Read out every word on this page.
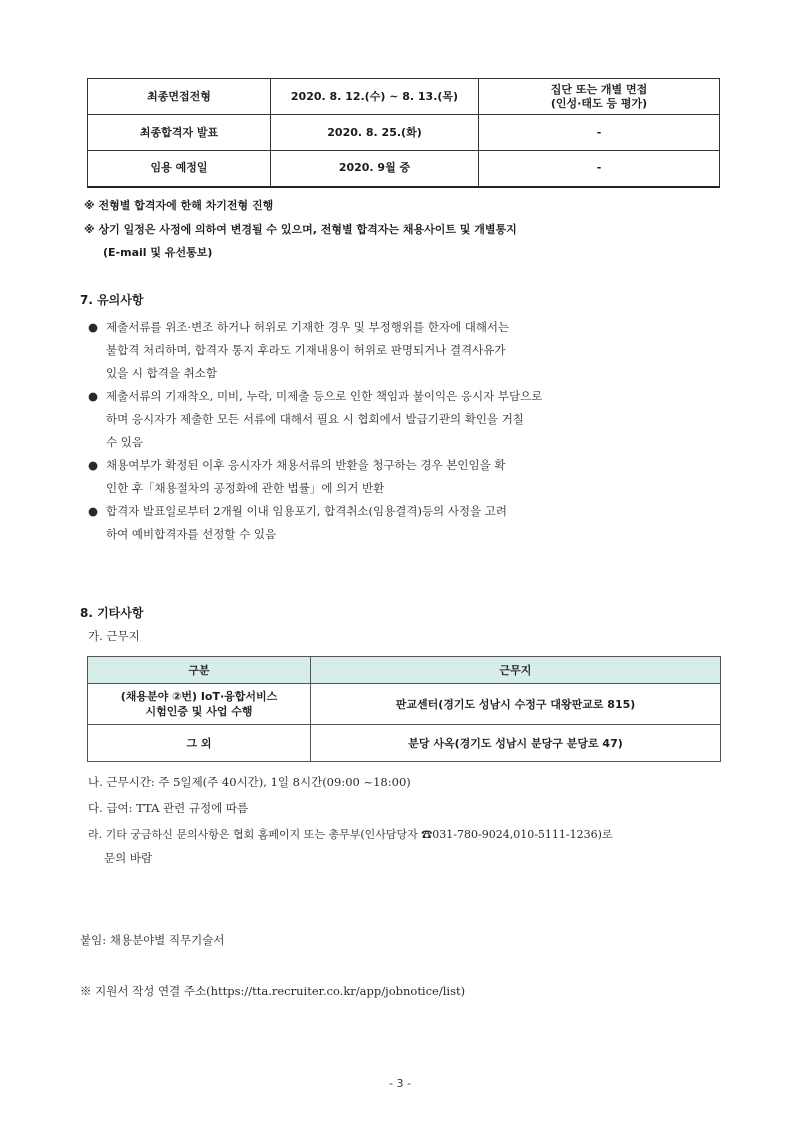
최종면접전형	2020. 8. 12.(수) ~ 8. 13.(목)	집단 또는 개별 면접
(인성·태도 등 평가)

최종합격자 발표	2020. 8. 25.(화)	-
임용 예정일	2020. 9월 중	-
※ 전형별 합격자에 한해 차기전형 진행
※ 상기 일정은 사정에 의하여 변경될 수 있으며, 전형별 합격자는 채용사이트 및 개별통지
(E-mail 및 유선통보)
7. 유의사항
● 제출서류를 위조·변조 하거나 허위로 기재한 경우 및 부정행위를 한자에 대해서는
불합격 처리하며, 합격자 통지 후라도 기재내용이 허위로 판명되거나 결격사유가
있을 시 합격을 취소함
● 제출서류의 기재착오, 미비, 누락, 미제출 등으로 인한 책임과 불이익은 응시자 부담으로
하며 응시자가 제출한 모든 서류에 대해서 필요 시 협회에서 발급기관의 확인을 거칠
수 있음
● 채용여부가 확정된 이후 응시자가 채용서류의 반환을 청구하는 경우 본인임을 확
인한 후「채용절차의 공정화에 관한 법률」에 의거 반환
● 합격자 발표일로부터 2개월 이내 임용포기, 합격취소(임용결격)등의 사정을 고려
하여 예비합격자를 선정할 수 있음
8. 기타사항
가. 근무지
구분	근무지

(채용분야 ②번) IoT·융합서비스
시험인증 및 사업 수행	판교센터(경기도 성남시 수정구 대왕판교로 815)
그 외	분당 사옥(경기도 성남시 분당구 분당로 47)
나. 근무시간: 주 5일제(주 40시간), 1일 8시간(09:00 ~18:00)
다. 급여: TTA 관련 규정에 따름
라. 기타 궁금하신 문의사항은 협회 홈페이지 또는 총무부(인사담당자 ☎031-780-9024,010-5111-1236)로
문의 바람
붙임: 채용분야별 직무기술서
※ 지원서 작성 연결 주소(https://tta.recruiter.co.kr/app/jobnotice/list)
- 3 -
